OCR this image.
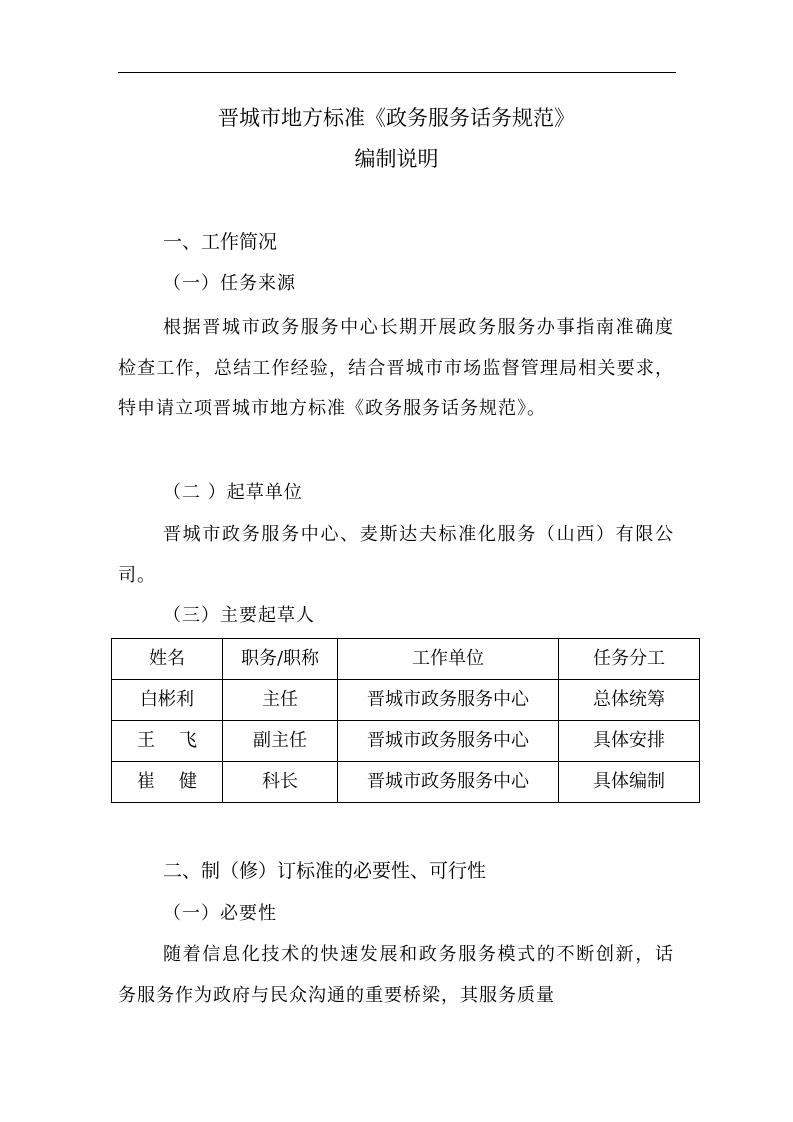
晋城市地方标准《政务服务话务规范》
编制说明
一、工作简况
（一）任务来源
根据晋城市政务服务中心长期开展政务服务办事指南准确度检查工作，总结工作经验，结合晋城市市场监督管理局相关要求，特申请立项晋城市地方标准《政务服务话务规范》。
（二 ）起草单位
晋城市政务服务中心、麦斯达夫标准化服务（山西）有限公司。
（三）主要起草人
姓名	职务/职称	工作单位	任务分工
白彬利	主任	晋城市政务服务中心	总体统筹
王飞	副主任	晋城市政务服务中心	具体安排
崔健	科长	晋城市政务服务中心	具体编制
二、制（修）订标准的必要性、可行性
（一）必要性
随着信息化技术的快速发展和政务服务模式的不断创新，话务服务作为政府与民众沟通的重要桥梁，其服务质量
